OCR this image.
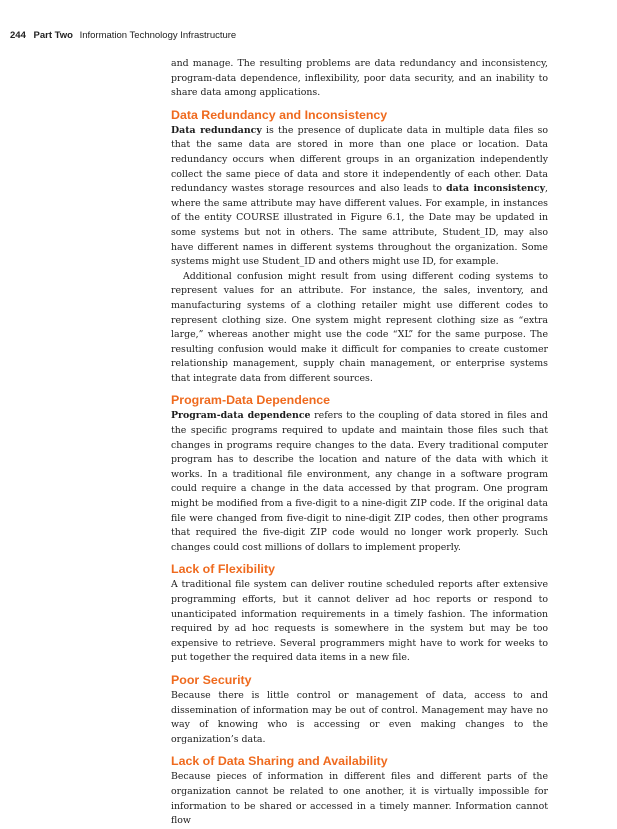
244 Part Two Information Technology Infrastructure

and manage. The resulting problems are data redundancy and inconsistency, program-data dependence, inflexibility, poor data security, and an inability to share data among applications.

Data Redundancy and Inconsistency

Data redundancy is the presence of duplicate data in multiple data files so that the same data are stored in more than one place or location. Data redundancy occurs when different groups in an organization independently collect the same piece of data and store it independently of each other. Data redundancy wastes storage resources and also leads to data inconsistency, where the same attribute may have different values. For example, in instances of the entity COURSE illustrated in Figure 6.1, the Date may be updated in some systems but not in others. The same attribute, Student_ID, may also have different names in different systems throughout the organization. Some systems might use Student_ID and others might use ID, for example.

Additional confusion might result from using different coding systems to represent values for an attribute. For instance, the sales, inventory, and manufacturing systems of a clothing retailer might use different codes to represent clothing size. One system might represent clothing size as “extra large,” whereas another might use the code “XL” for the same purpose. The resulting confusion would make it difficult for companies to create customer relationship management, supply chain management, or enterprise systems that integrate data from different sources.

Program-Data Dependence

Program-data dependence refers to the coupling of data stored in files and the specific programs required to update and maintain those files such that changes in programs require changes to the data. Every traditional computer program has to describe the location and nature of the data with which it works. In a traditional file environment, any change in a software program could require a change in the data accessed by that program. One program might be modified from a five-digit to a nine-digit ZIP code. If the original data file were changed from five-digit to nine-digit ZIP codes, then other programs that required the five-digit ZIP code would no longer work properly. Such changes could cost millions of dollars to implement properly.

Lack of Flexibility

A traditional file system can deliver routine scheduled reports after extensive programming efforts, but it cannot deliver ad hoc reports or respond to unanticipated information requirements in a timely fashion. The information required by ad hoc requests is somewhere in the system but may be too expensive to retrieve. Several programmers might have to work for weeks to put together the required data items in a new file.

Poor Security

Because there is little control or management of data, access to and dissemination of information may be out of control. Management may have no way of knowing who is accessing or even making changes to the organization’s data.

Lack of Data Sharing and Availability

Because pieces of information in different files and different parts of the organization cannot be related to one another, it is virtually impossible for information to be shared or accessed in a timely manner. Information cannot flow
